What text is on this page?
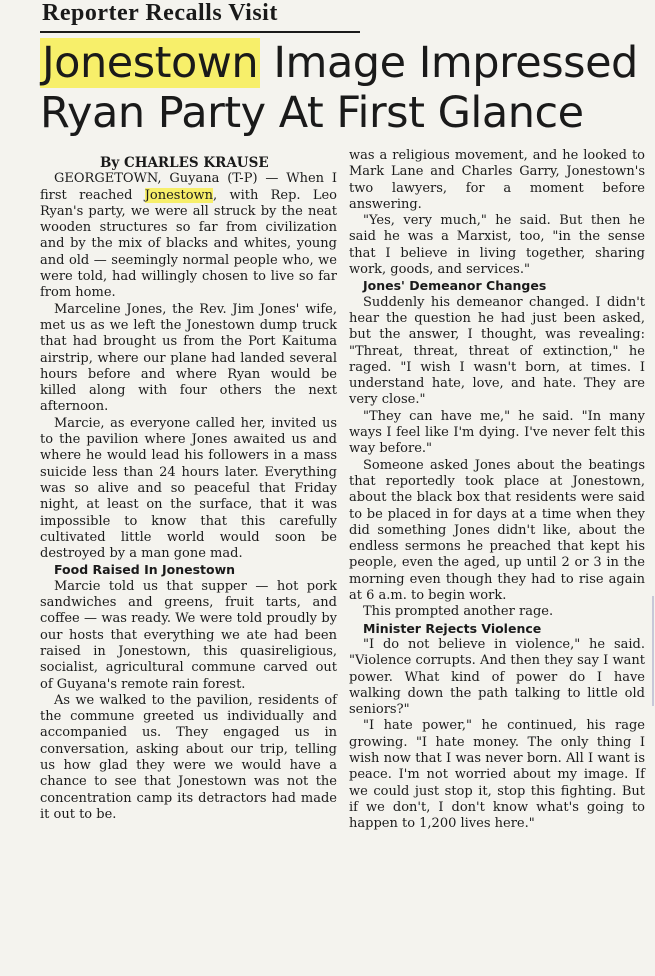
Reporter Recalls Visit
Jonestown Image Impressed
Ryan Party At First Glance

By CHARLES KRAUSE

GEORGETOWN, Guyana (T-P) — When I first reached Jonestown, with Rep. Leo Ryan's party, we were all struck by the neat wooden structures so far from civilization and by the mix of blacks and whites, young and old — seemingly normal people who, we were told, had willingly chosen to live so far from home.

Marceline Jones, the Rev. Jim Jones' wife, met us as we left the Jonestown dump truck that had brought us from the Port Kaituma airstrip, where our plane had landed several hours before and where Ryan would be killed along with four others the next afternoon.

Marcie, as everyone called her, invited us to the pavilion where Jones awaited us and where he would lead his followers in a mass suicide less than 24 hours later. Everything was so alive and so peaceful that Friday night, at least on the surface, that it was impossible to know that this carefully cultivated little world would soon be destroyed by a man gone mad.

Food Raised In Jonestown

Marcie told us that supper — hot pork sandwiches and greens, fruit tarts, and coffee — was ready. We were told proudly by our hosts that everything we ate had been raised in Jonestown, this quasireligious, socialist, agricultural commune carved out of Guyana's remote rain forest.

As we walked to the pavilion, residents of the commune greeted us individually and accompanied us. They engaged us in conversation, asking about our trip, telling us how glad they were we would have a chance to see that Jonestown was not the concentration camp its detractors had made it out to be.

was a religious movement, and he looked to Mark Lane and Charles Garry, Jonestown's two lawyers, for a moment before answering.

"Yes, very much," he said. But then he said he was a Marxist, too, "in the sense that I believe in living together, sharing work, goods, and services."

Jones' Demeanor Changes

Suddenly his demeanor changed. I didn't hear the question he had just been asked, but the answer, I thought, was revealing: "Threat, threat, threat of extinction," he raged. "I wish I wasn't born, at times. I understand hate, love, and hate. They are very close."

"They can have me," he said. "In many ways I feel like I'm dying. I've never felt this way before."

Someone asked Jones about the beatings that reportedly took place at Jonestown, about the black box that residents were said to be placed in for days at a time when they did something Jones didn't like, about the endless sermons he preached that kept his people, even the aged, up until 2 or 3 in the morning even though they had to rise again at 6 a.m. to begin work.

This prompted another rage.

Minister Rejects Violence

"I do not believe in violence," he said. "Violence corrupts. And then they say I want power. What kind of power do I have walking down the path talking to little old seniors?"

"I hate power," he continued, his rage growing. "I hate money. The only thing I wish now that I was never born. All I want is peace. I'm not worried about my image. If we could just stop it, stop this fighting. But if we don't, I don't know what's going to happen to 1,200 lives here."
